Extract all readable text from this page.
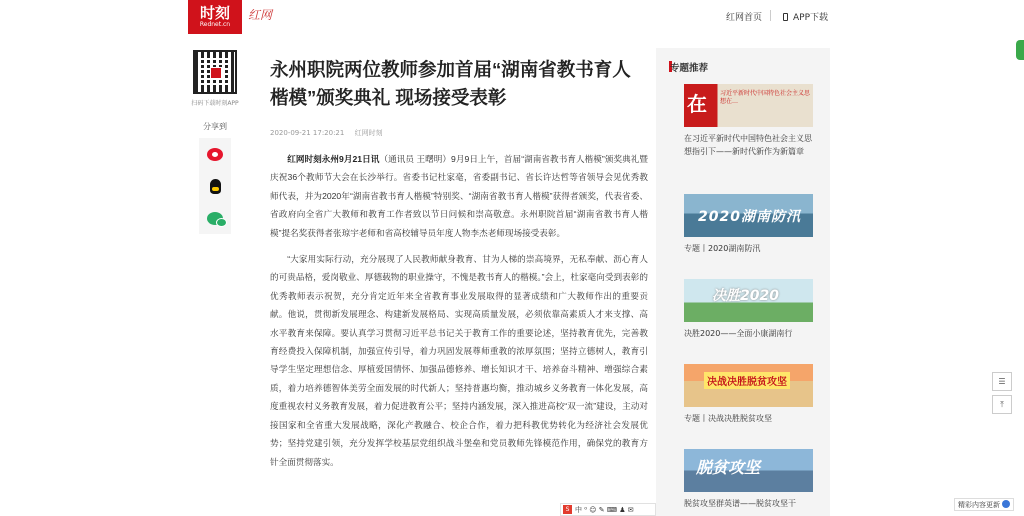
时刻
Rednet.cn
红网	红网首页	APP下载
扫码下载时刻APP
分享到
永州职院两位教师参加首届“湖南省教书育人楷模”颁奖典礼 现场接受表彰
2020-09-21 17:20:21 红网时刻

红网时刻永州9月21日讯（通讯员 王曙明）9月9日上午，首届“湖南省教书育人楷模”颁奖典礼暨庆祝36个教师节大会在长沙举行。省委书记杜家毫，省委副书记、省长许达哲等省领导会见优秀教师代表，并为2020年“湖南省教书育人楷模”特别奖、“湖南省教书育人楷模”获得者颁奖，代表省委、省政府向全省广大教师和教育工作者致以节日问候和崇高敬意。永州职院首届“湖南省教书育人楷模”提名奖获得者张琼宇老师和省高校辅导员年度人物李杰老师现场接受表彰。

“大家用实际行动，充分展现了人民教师献身教育、甘为人梯的崇高境界，无私奉献、沥心育人的可贵品格，爱岗敬业、厚德载物的职业操守，不愧是教书育人的楷模。”会上，杜家毫向受到表彰的优秀教师表示祝贺，充分肯定近年来全省教育事业发展取得的显著成绩和广大教师作出的重要贡献。他说，贯彻新发展理念、构建新发展格局、实现高质量发展，必须依靠高素质人才来支撑、高水平教育来保障。要认真学习贯彻习近平总书记关于教育工作的重要论述，坚持教育优先，完善教育经费投入保障机制，加强宣传引导，着力巩固发展尊师重教的浓厚氛围；坚持立德树人，教育引导学生坚定理想信念、厚植爱国情怀、加强品德修养、增长知识才干、培养奋斗精神、增强综合素质，着力培养德智体美劳全面发展的时代新人；坚持普惠均衡，推动城乡义务教育一体化发展，高度重视农村义务教育发展，着力促进教育公平；坚持内涵发展，深入推进高校“双一流”建设，主动对接国家和全省重大发展战略，深化产教融合、校企合作，着力把科教优势转化为经济社会发展优势；坚持党建引领，充分发挥学校基层党组织战斗堡垒和党员教师先锋模范作用，确保党的教育方针全面贯彻落实。

专题推荐
在 习近平新时代中国特色社会主义思想在…
在习近平新时代中国特色社会主义思想指引下——新时代新作为新篇章
2020湖南防汛
专题丨2020湖南防汛
决胜2020
决胜2020——全面小康湖南行
决战决胜脱贫攻坚
专题丨决战决胜脱贫攻坚
脱贫攻坚
脱贫攻坚群英谱——脱贫攻坚干
☰
⤒
精彩内容更新
S 中 ⁰ ☺ ✎ ⌨ ♟ ✉
